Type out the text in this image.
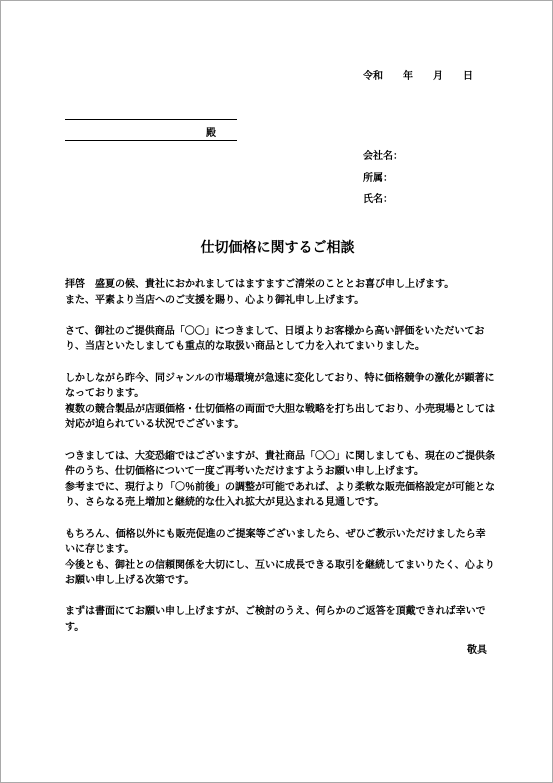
令和　　年　　月　　日
殿
会社名：
所属：
氏名：
仕切価格に関するご相談
拝啓　盛夏の候、貴社におかれましてはますますご清栄のこととお喜び申し上げます。
また、平素より当店へのご支援を賜り、心より御礼申し上げます。
さて、御社のご提供商品「〇〇」につきまして、日頃よりお客様から高い評価をいただいており、当店といたしましても重点的な取扱い商品として力を入れてまいりました。
しかしながら昨今、同ジャンルの市場環境が急速に変化しており、特に価格競争の激化が顕著になっております。
複数の競合製品が店頭価格・仕切価格の両面で大胆な戦略を打ち出しており、小売現場としては対応が迫られている状況でございます。
つきましては、大変恐縮ではございますが、貴社商品「〇〇」に関しましても、現在のご提供条件のうち、仕切価格について一度ご再考いただけますようお願い申し上げます。
参考までに、現行より「〇％前後」の調整が可能であれば、より柔軟な販売価格設定が可能となり、さらなる売上増加と継続的な仕入れ拡大が見込まれる見通しです。
もちろん、価格以外にも販売促進のご提案等ございましたら、ぜひご教示いただけましたら幸いに存じます。
今後とも、御社との信頼関係を大切にし、互いに成長できる取引を継続してまいりたく、心よりお願い申し上げる次第です。
まずは書面にてお願い申し上げますが、ご検討のうえ、何らかのご返答を頂戴できれば幸いです。
敬具
